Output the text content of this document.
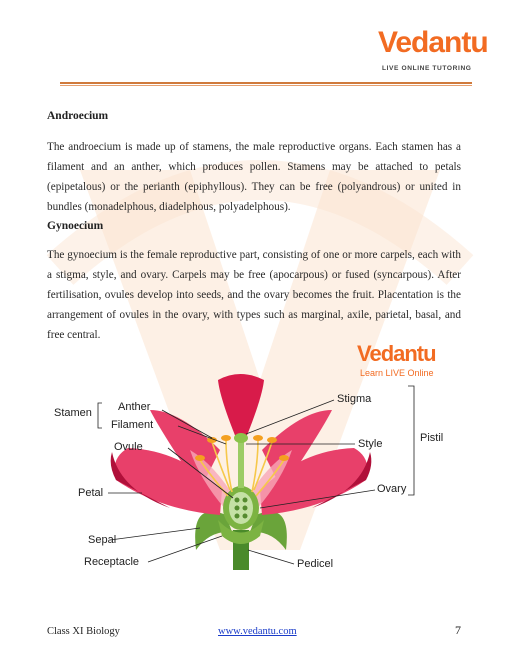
Vedantu
LIVE ONLINE TUTORING
Androecium

The androecium is made up of stamens, the male reproductive organs. Each stamen has a filament and an anther, which produces pollen. Stamens may be attached to petals (epipetalous) or the perianth (epiphyllous). They can be free (polyandrous) or united in bundles (monadelphous, diadelphous, polyadelphous).

Gynoecium

The gynoecium is the female reproductive part, consisting of one or more carpels, each with a stigma, style, and ovary. Carpels may be free (apocarpous) or fused (syncarpous). After fertilisation, ovules develop into seeds, and the ovary becomes the fruit. Placentation is the arrangement of ovules in the ovary, with types such as marginal, axile, parietal, basal, and free central.

Vedantu
Learn LIVE Online
Stamen Anther
Filament
Ovule
Petal
Sepal
Receptacle
Stigma
Style
Ovary
Pistil
Pedicel
Class XI Biology	www.vedantu.com	7
